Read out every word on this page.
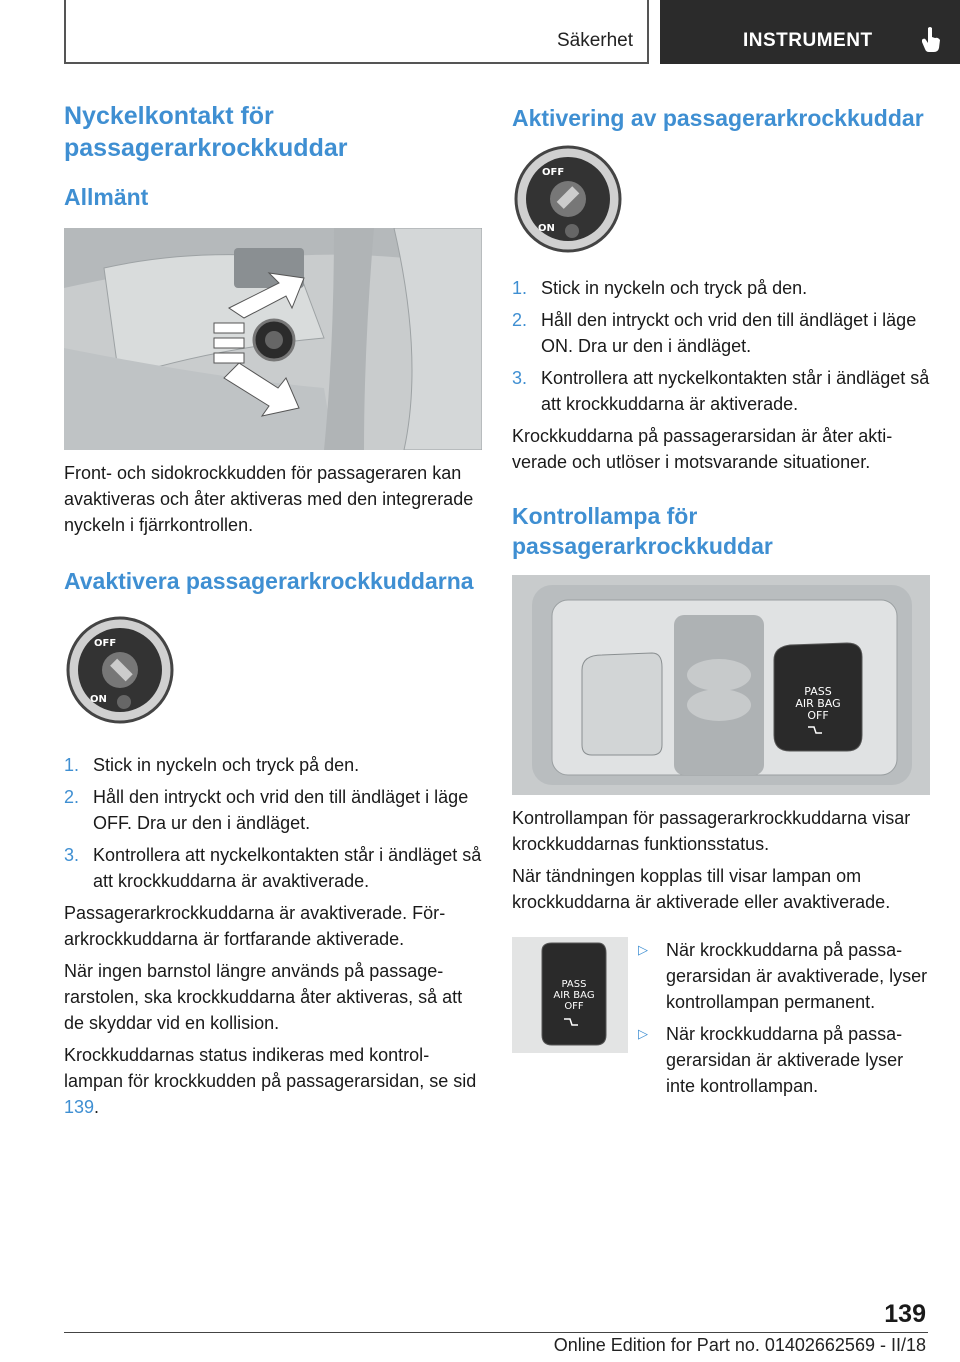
Säkerhet	INSTRUMENT
Nyckelkontakt för passagerarkrockkuddar
Allmänt

Front- och sidokrockkudden för passageraren kan avaktiveras och åter aktiveras med den integrerade nyckeln i fjärrkontrollen.

Avaktivera passagerarkrockkuddarna
OFF
ON
1. Stick in nyckeln och tryck på den.
2. Håll den intryckt och vrid den till ändläget i läge OFF. Dra ur den i ändläget.
3. Kontrollera att nyckelkontakten står i ändläget så att krockkuddarna är avaktiverade.

Passagerarkrockkuddarna är avaktiverade. Förarkrockkuddarna är fortfarande aktiverade.

När ingen barnstol längre används på passagerarstolen, ska krockkuddarna åter aktiveras, så att de skyddar vid en kollision.

Krockkuddarnas status indikeras med kontrollampan för krockkudden på passagerarsidan, se sid 139.

Aktivering av passagerarkrockkuddar
OFF
ON
1. Stick in nyckeln och tryck på den.
2. Håll den intryckt och vrid den till ändläget i läge ON. Dra ur den i ändläget.
3. Kontrollera att nyckelkontakten står i ändläget så att krockkuddarna är aktiverade.

Krockkuddarna på passagerarsidan är åter aktiverade och utlöser i motsvarande situationer.

Kontrollampa för passagerarkrockkuddar
PASS
AIR BAG
OFF

Kontrollampan för passagerarkrockkuddarna visar krockkuddarnas funktionsstatus.

När tändningen kopplas till visar lampan om krockkuddarna är aktiverade eller avaktiverade.

PASS
AIR BAG
OFF
▷ När krockkuddarna på passagerarsidan är avaktiverade, lyser kontrollampan permanent.
▷ När krockkuddarna på passagerarsidan är aktiverade lyser inte kontrollampan.
139
Online Edition for Part no. 01402662569 - II/18
